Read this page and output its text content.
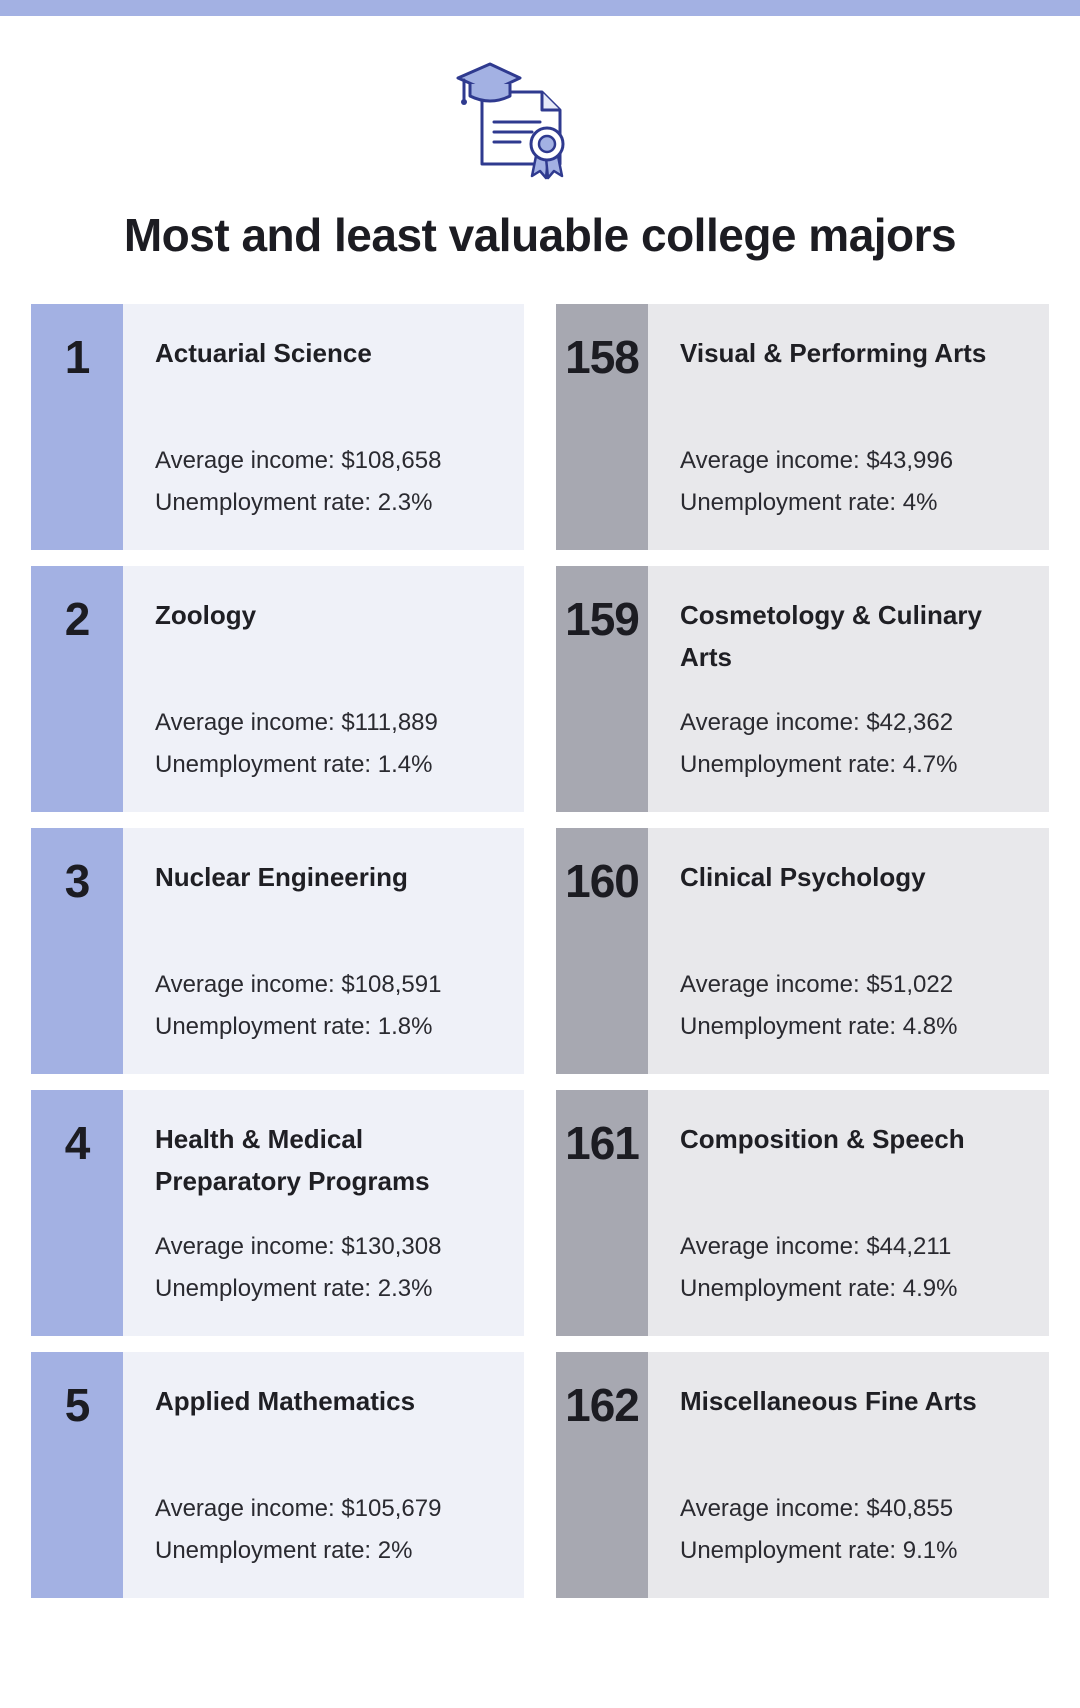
Most and least valuable college majors
1	Actuarial Science
Average income: $108,658
Unemployment rate: 2.3%
2	Zoology
Average income: $111,889
Unemployment rate: 1.4%
3	Nuclear Engineering
Average income: $108,591
Unemployment rate: 1.8%
4	Health & Medical Preparatory Programs
Average income: $130,308
Unemployment rate: 2.3%
5	Applied Mathematics
Average income: $105,679
Unemployment rate: 2%
158	Visual & Performing Arts
Average income: $43,996
Unemployment rate: 4%
159	Cosmetology & Culinary Arts
Average income: $42,362
Unemployment rate: 4.7%
160	Clinical Psychology
Average income: $51,022
Unemployment rate: 4.8%
161	Composition & Speech
Average income: $44,211
Unemployment rate: 4.9%
162	Miscellaneous Fine Arts
Average income: $40,855
Unemployment rate: 9.1%
